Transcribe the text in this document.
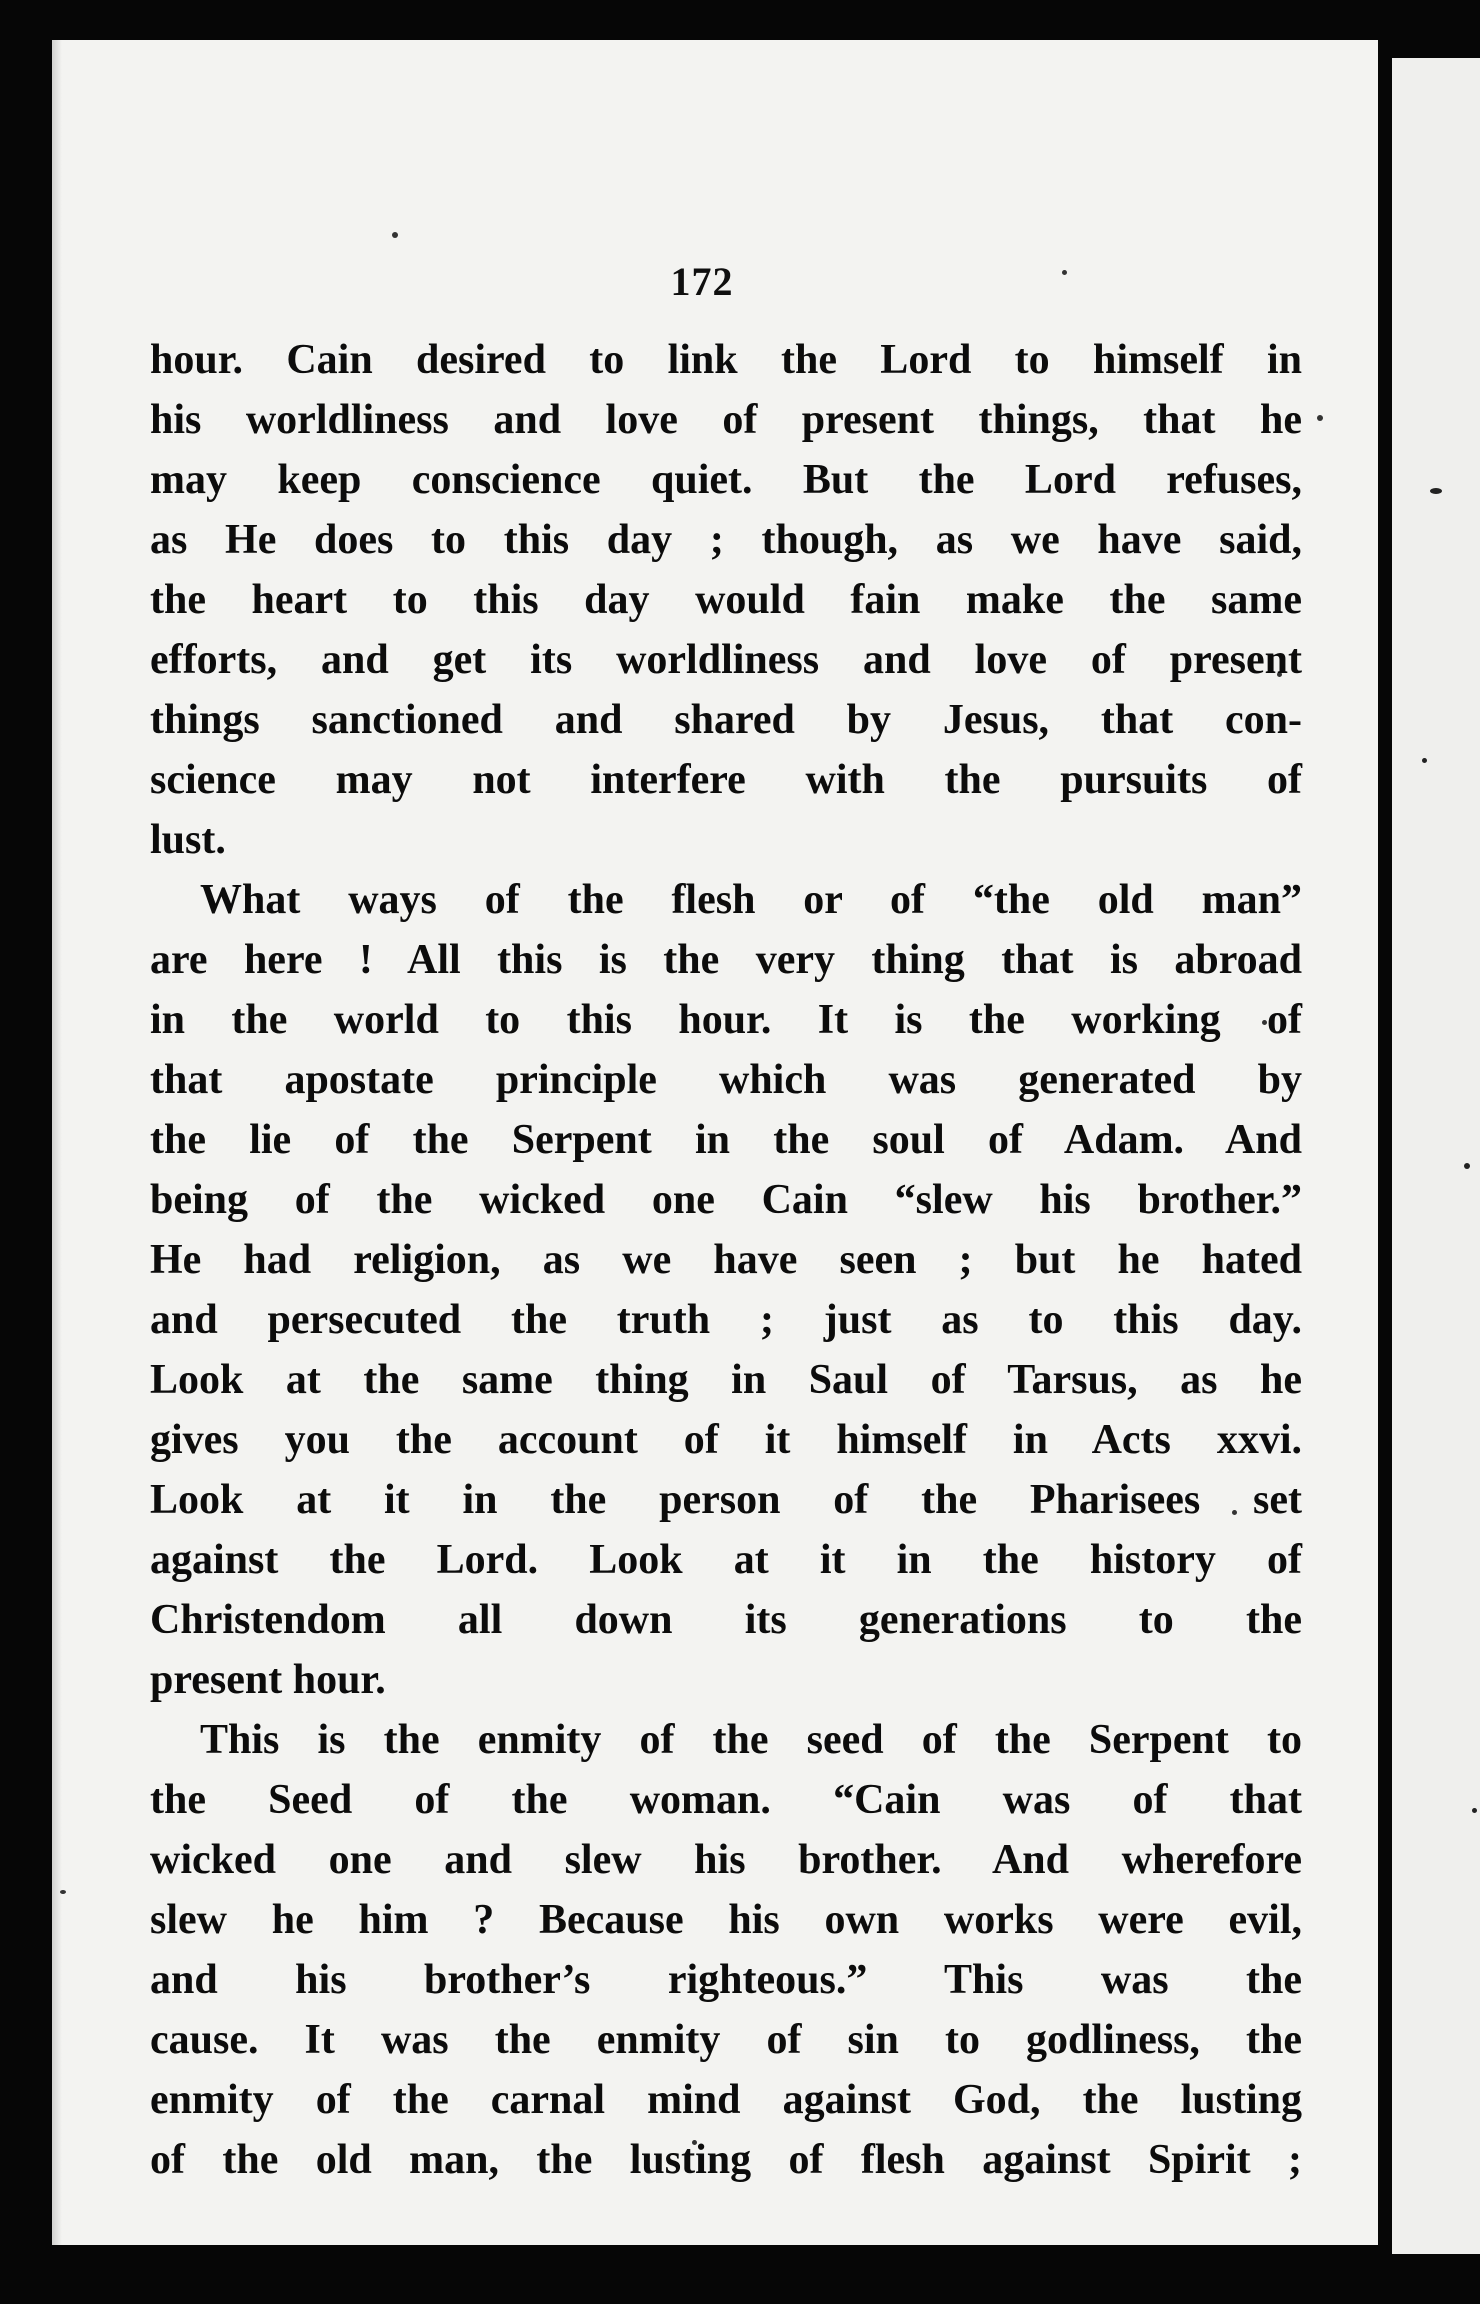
172
hour. Cain desired to link the Lord to himself in
his worldliness and love of present things, that he
may keep conscience quiet. But the Lord refuses,
as He does to this day ; though, as we have said,
the heart to this day would fain make the same
efforts, and get its worldliness and love of present
things sanctioned and shared by Jesus, that con-
science may not interfere with the pursuits of
lust.
What ways of the flesh or of “the old man”
are here ! All this is the very thing that is abroad
in the world to this hour. It is the working of
that apostate principle which was generated by
the lie of the Serpent in the soul of Adam. And
being of the wicked one Cain “slew his brother.”
He had religion, as we have seen ; but he hated
and persecuted the truth ; just as to this day.
Look at the same thing in Saul of Tarsus, as he
gives you the account of it himself in Acts xxvi.
Look at it in the person of the Pharisees set
against the Lord. Look at it in the history of
Christendom all down its generations to the
present hour.
This is the enmity of the seed of the Serpent to
the Seed of the woman. “Cain was of that
wicked one and slew his brother. And wherefore
slew he him ? Because his own works were evil,
and his brother’s righteous.” This was the
cause. It was the enmity of sin to godliness, the
enmity of the carnal mind against God, the lusting
of the old man, the lusting of flesh against Spirit ;
